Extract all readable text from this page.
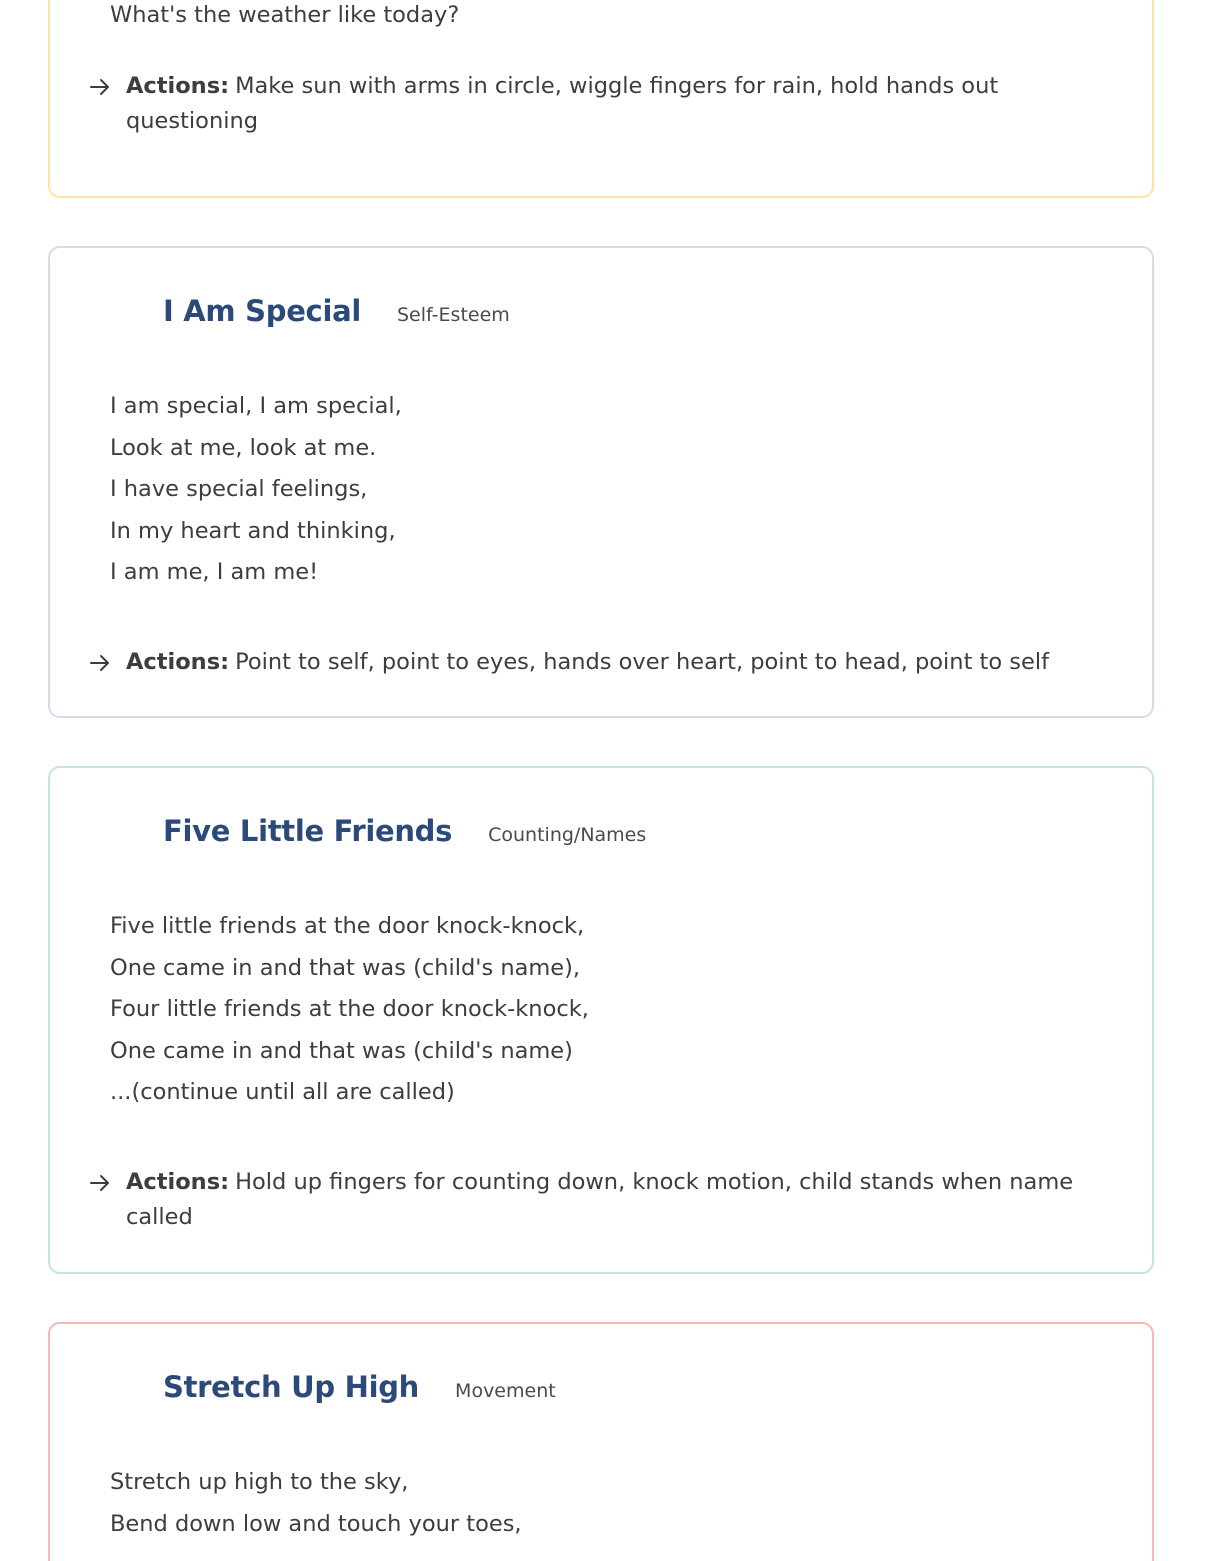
What's the weather like today?
Actions: Make sun with arms in circle, wiggle fingers for rain, hold hands out questioning
I Am Special Self-Esteem
I am special, I am special,
Look at me, look at me.
I have special feelings,
In my heart and thinking,
I am me, I am me!
Actions: Point to self, point to eyes, hands over heart, point to head, point to self
Five Little Friends Counting/Names
Five little friends at the door knock-knock,
One came in and that was (child's name),
Four little friends at the door knock-knock,
One came in and that was (child's name)
...(continue until all are called)
Actions: Hold up fingers for counting down, knock motion, child stands when name called
Stretch Up High Movement
Stretch up high to the sky,
Bend down low and touch your toes,
